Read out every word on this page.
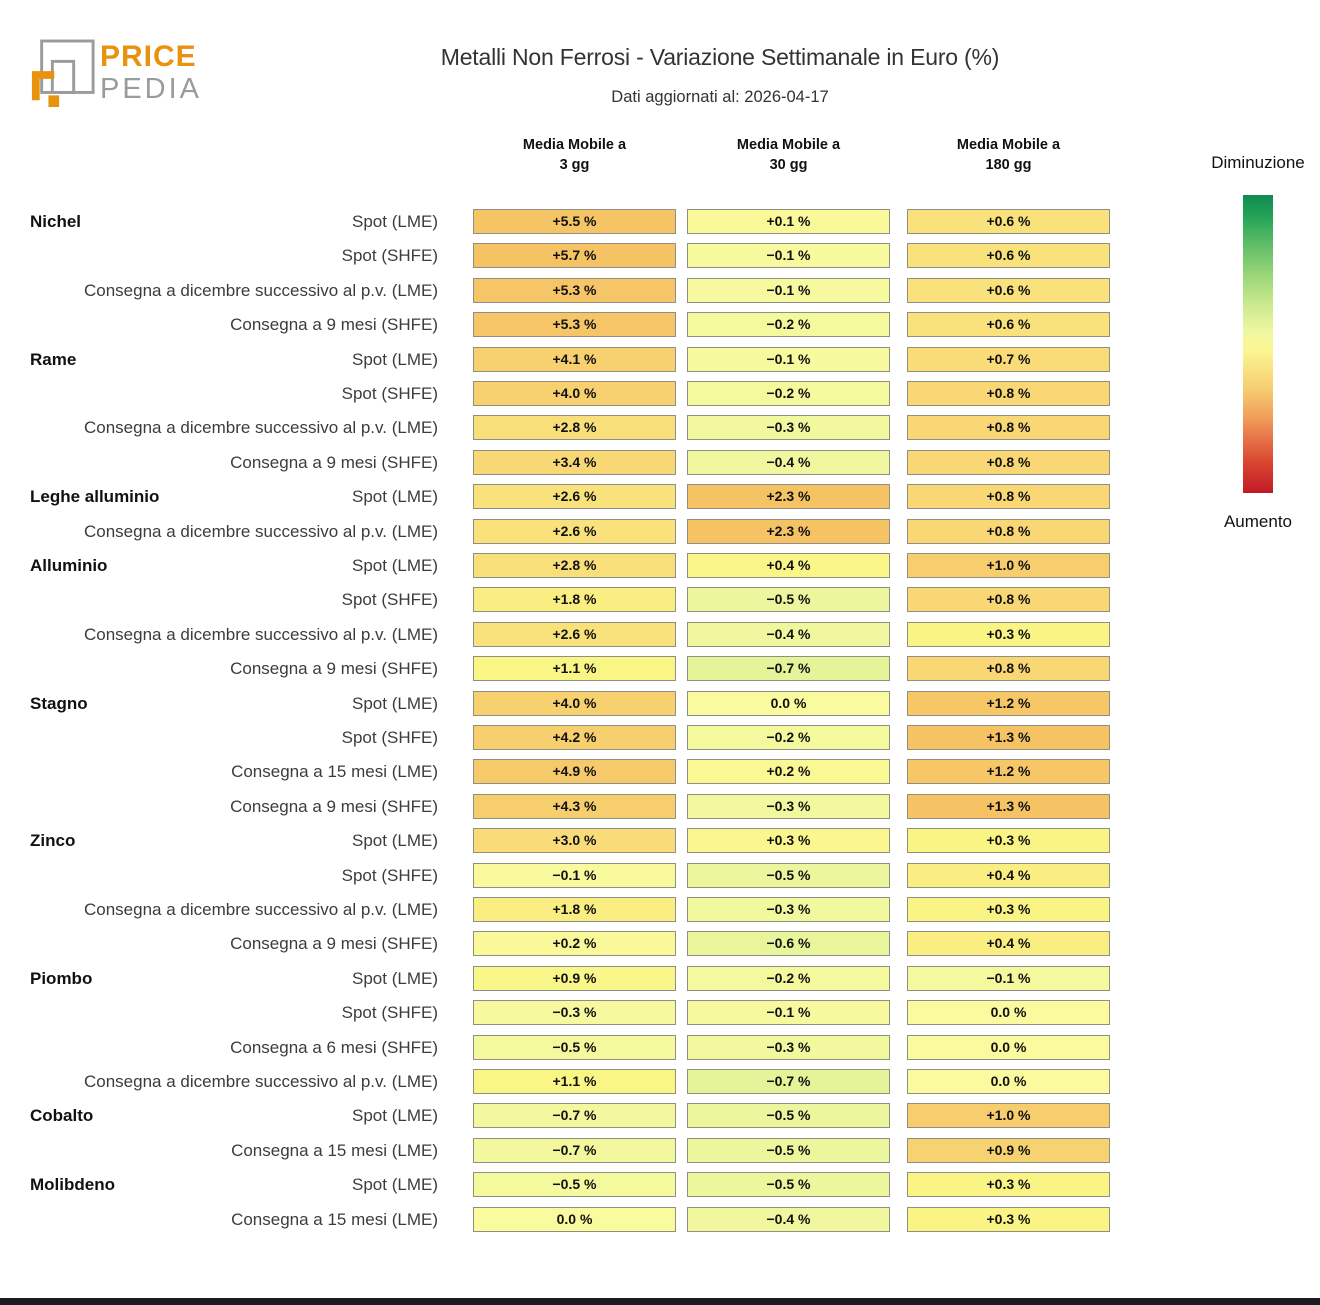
PRICE
PEDIA
Metalli Non Ferrosi - Variazione Settimanale in Euro (%)
Dati aggiornati al: 2026-04-17
Media Mobile a
3 gg
Media Mobile a
30 gg
Media Mobile a
180 gg
Nichel	Spot (LME)	+5.5 %	+0.1 %	+0.6 %
Spot (SHFE)	+5.7 %	−0.1 %	+0.6 %
Consegna a dicembre successivo al p.v. (LME)	+5.3 %	−0.1 %	+0.6 %
Consegna a 9 mesi (SHFE)	+5.3 %	−0.2 %	+0.6 %
Rame	Spot (LME)	+4.1 %	−0.1 %	+0.7 %
Spot (SHFE)	+4.0 %	−0.2 %	+0.8 %
Consegna a dicembre successivo al p.v. (LME)	+2.8 %	−0.3 %	+0.8 %
Consegna a 9 mesi (SHFE)	+3.4 %	−0.4 %	+0.8 %
Leghe alluminio	Spot (LME)	+2.6 %	+2.3 %	+0.8 %
Consegna a dicembre successivo al p.v. (LME)	+2.6 %	+2.3 %	+0.8 %
Alluminio	Spot (LME)	+2.8 %	+0.4 %	+1.0 %
Spot (SHFE)	+1.8 %	−0.5 %	+0.8 %
Consegna a dicembre successivo al p.v. (LME)	+2.6 %	−0.4 %	+0.3 %
Consegna a 9 mesi (SHFE)	+1.1 %	−0.7 %	+0.8 %
Stagno	Spot (LME)	+4.0 %	0.0 %	+1.2 %
Spot (SHFE)	+4.2 %	−0.2 %	+1.3 %
Consegna a 15 mesi (LME)	+4.9 %	+0.2 %	+1.2 %
Consegna a 9 mesi (SHFE)	+4.3 %	−0.3 %	+1.3 %
Zinco	Spot (LME)	+3.0 %	+0.3 %	+0.3 %
Spot (SHFE)	−0.1 %	−0.5 %	+0.4 %
Consegna a dicembre successivo al p.v. (LME)	+1.8 %	−0.3 %	+0.3 %
Consegna a 9 mesi (SHFE)	+0.2 %	−0.6 %	+0.4 %
Piombo	Spot (LME)	+0.9 %	−0.2 %	−0.1 %
Spot (SHFE)	−0.3 %	−0.1 %	0.0 %
Consegna a 6 mesi (SHFE)	−0.5 %	−0.3 %	0.0 %
Consegna a dicembre successivo al p.v. (LME)	+1.1 %	−0.7 %	0.0 %
Cobalto	Spot (LME)	−0.7 %	−0.5 %	+1.0 %
Consegna a 15 mesi (LME)	−0.7 %	−0.5 %	+0.9 %
Molibdeno	Spot (LME)	−0.5 %	−0.5 %	+0.3 %
Consegna a 15 mesi (LME)	0.0 %	−0.4 %	+0.3 %
Diminuzione
Aumento
